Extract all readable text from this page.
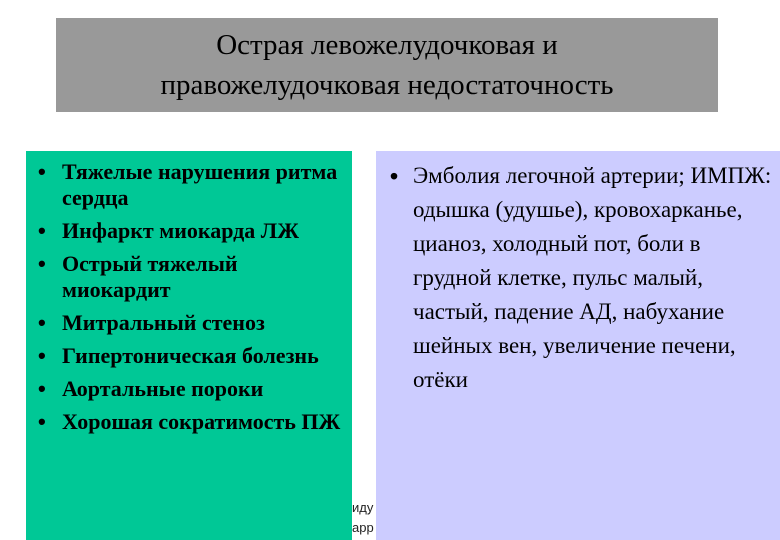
Острая левожелудочковая и
правожелудочковая недостаточность
• Тяжелые нарушения ритма сердца
• Инфаркт миокарда ЛЖ
• Острый тяжелый миокардит
• Митральный стеноз
• Гипертоническая болезнь
• Аортальные пороки
• Хорошая сократимость ПЖ
иду
арр
• Эмболия легочной артерии; ИМПЖ: одышка (удушье), кровохарканье, цианоз, холодный пот, боли в грудной клетке, пульс малый, частый, падение АД, набухание шейных вен, увеличение печени, отёки
